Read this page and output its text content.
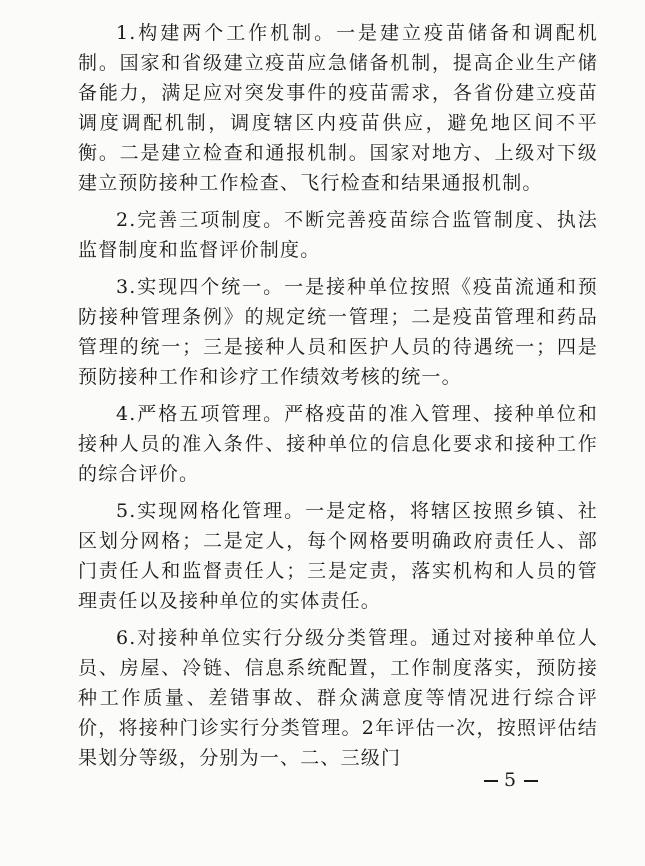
1.构建两个工作机制。一是建立疫苗储备和调配机制。国家和省级建立疫苗应急储备机制，提高企业生产储备能力，满足应对突发事件的疫苗需求，各省份建立疫苗调度调配机制，调度辖区内疫苗供应，避免地区间不平衡。二是建立检查和通报机制。国家对地方、上级对下级建立预防接种工作检查、飞行检查和结果通报机制。

2.完善三项制度。不断完善疫苗综合监管制度、执法监督制度和监督评价制度。

3.实现四个统一。一是接种单位按照《疫苗流通和预防接种管理条例》的规定统一管理；二是疫苗管理和药品管理的统一；三是接种人员和医护人员的待遇统一；四是预防接种工作和诊疗工作绩效考核的统一。

4.严格五项管理。严格疫苗的准入管理、接种单位和接种人员的准入条件、接种单位的信息化要求和接种工作的综合评价。

5.实现网格化管理。一是定格，将辖区按照乡镇、社区划分网格；二是定人，每个网格要明确政府责任人、部门责任人和监督责任人；三是定责，落实机构和人员的管理责任以及接种单位的实体责任。

6.对接种单位实行分级分类管理。通过对接种单位人员、房屋、冷链、信息系统配置，工作制度落实，预防接种工作质量、差错事故、群众满意度等情况进行综合评价，将接种门诊实行分类管理。2年评估一次，按照评估结果划分等级，分别为一、二、三级门

5
